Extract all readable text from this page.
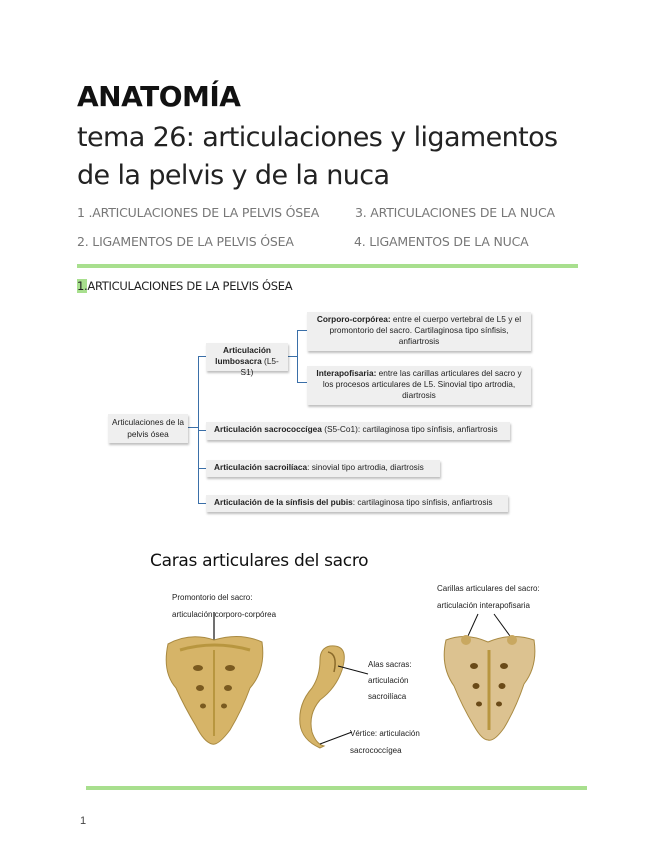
ANATOMÍA
tema 26: articulaciones y ligamentos de la pelvis y de la nuca
1 .ARTICULACIONES DE LA PELVIS ÓSEA	3. ARTICULACIONES DE LA NUCA
2. LIGAMENTOS DE LA PELVIS ÓSEA	4. LIGAMENTOS DE LA NUCA
1.ARTICULACIONES DE LA PELVIS ÓSEA
Articulaciones de la pelvis ósea
Articulación lumbosacra (L5-S1)
Corporo-corpórea: entre el cuerpo vertebral de L5 y el promontorio del sacro. Cartilaginosa tipo sínfisis, anfiartrosis
Interapofisaria: entre las carillas articulares del sacro y los procesos articulares de L5. Sinovial tipo artrodia, diartrosis
Articulación sacrococcígea (S5-Co1): cartilaginosa tipo sínfisis, anfiartrosis
Articulación sacroilíaca: sinovial tipo artrodia, diartrosis
Articulación de la sínfisis del pubis: cartilaginosa tipo sínfisis, anfiartrosis
Caras articulares del sacro
Promontorio del sacro:
articulación corporo-corpórea
Carillas articulares del sacro:
articulación interapofisaria
Alas sacras:
articulación
sacroilíaca
Vértice: articulación
sacrococcígea
1
